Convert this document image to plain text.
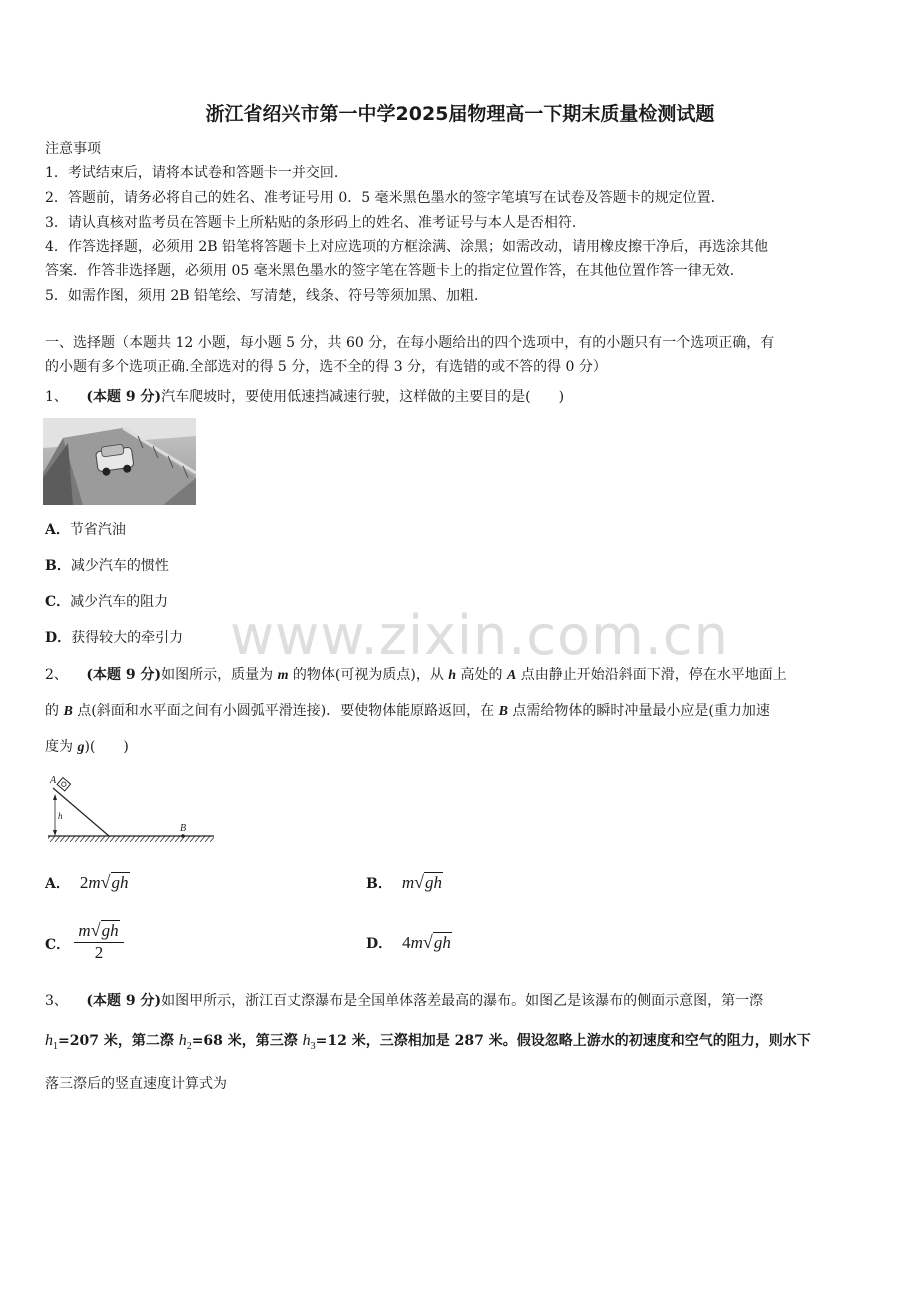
浙江省绍兴市第一中学2025届物理高一下期末质量检测试题
注意事项
1．考试结束后，请将本试卷和答题卡一并交回．
2．答题前，请务必将自己的姓名、准考证号用 0．5 毫米黑色墨水的签字笔填写在试卷及答题卡的规定位置．
3．请认真核对监考员在答题卡上所粘贴的条形码上的姓名、准考证号与本人是否相符．
4．作答选择题，必须用 2B 铅笔将答题卡上对应选项的方框涂满、涂黑；如需改动，请用橡皮擦干净后，再选涂其他
答案．作答非选择题，必须用 05 毫米黑色墨水的签字笔在答题卡上的指定位置作答，在其他位置作答一律无效．
5．如需作图，须用 2B 铅笔绘、写清楚，线条、符号等须加黑、加粗．
一、选择题（本题共 12 小题，每小题 5 分，共 60 分，在每小题给出的四个选项中，有的小题只有一个选项正确，有
的小题有多个选项正确.全部选对的得 5 分，选不全的得 3 分，有选错的或不答的得 0 分）
1、 (本题 9 分)汽车爬坡时，要使用低速挡减速行驶，这样做的主要目的是(　　)
A．节省汽油
B．减少汽车的惯性
C．减少汽车的阻力
D．获得较大的牵引力 www.zixin.com.cn
2、 (本题 9 分)如图所示，质量为 m 的物体(可视为质点)，从 h 高处的 A 点由静止开始沿斜面下滑，停在水平地面上
的 B 点(斜面和水平面之间有小圆弧平滑连接)．要使物体能原路返回，在 B 点需给物体的瞬时冲量最小应是(重力加速
度为 g)(　　)
A
h
B
A． 2m√gh	B． m√gh
C． $\frac{m√gh}{2}$	D． 4m√gh
3、 (本题 9 分)如图甲所示，浙江百丈漈瀑布是全国单体落差最高的瀑布。如图乙是该瀑布的侧面示意图，第一漈
$h_1=207$ 米，第二漈 $h_2=68$ 米，第三漈 $h_3=12$ 米，三漈相加是 287 米。假设忽略上游水的初速度和空气的阻力，则水下
落三漈后的竖直速度计算式为
